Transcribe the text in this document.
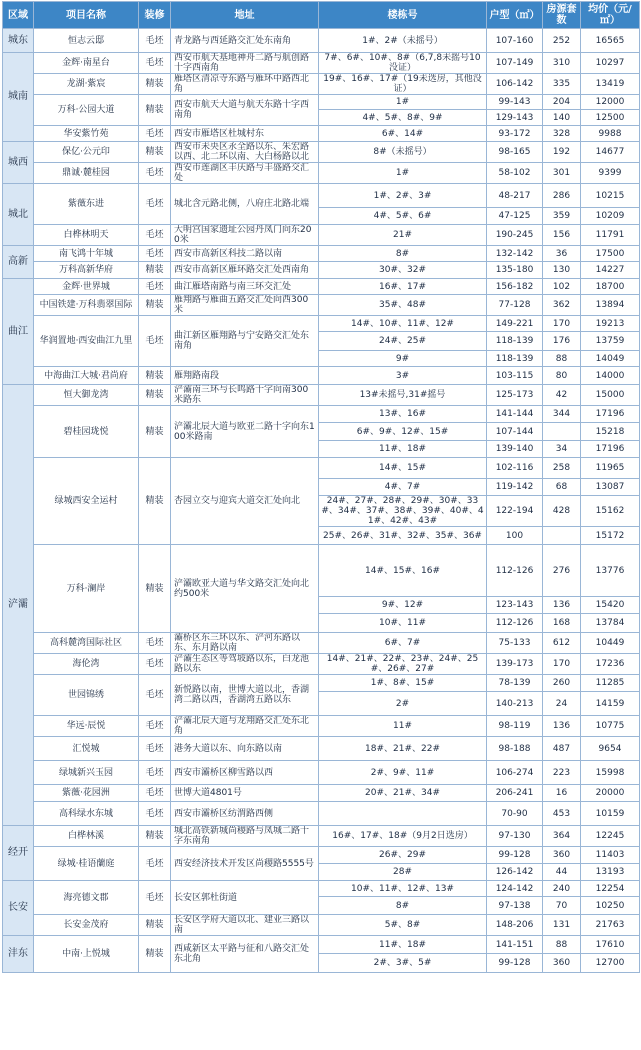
区域	项目名称	装修	地址	楼栋号	户型（㎡）	房源套数	均价（元/㎡）
城东	恒志云邸	毛坯	青龙路与西延路交汇处东南角	1#、2#（未摇号）	107-160	252	16565
城南	金辉·南星台	毛坯	西安市航天基地神舟二路与航创路十字西南角	7#、6#、10#、8#（6,7,8未摇号10没证）	107-149	310	10297
	龙湖·紫宸	精装	雁塔区清凉寺东路与雁环中路西北角	19#、16#、17#（19未选房，其他没证）	106-142	335	13419
	万科·公园大道	精装	西安市航天大道与航天东路十字西南角	1#	99-143	204	12000
				4#、5#、8#、9#	129-143	140	12500
	华安紫竹苑	毛坯	西安市雁塔区杜城村东	6#、14#	93-172	328	9988
城西	保亿·公元印	精装	西安市未央区永全路以东、朱宏路以西、北二环以南、大白杨路以北	8#（未摇号）	98-165	192	14677
	鼎诚·麓桂园	毛坯	西安市莲湖区丰庆路与丰盛路交汇处	1#	58-102	301	9399
城北	紫薇东进	毛坯	城北含元路北侧，八府庄北路北端	1#、2#、3#	48-217	286	10215
				4#、5#、6#	47-125	359	10209
	白桦林明天	毛坯	大明宫国家遗址公园丹凤门向东200米	21#	190-245	156	11791
高新	南飞鸿十年城	毛坯	西安市高新区科技二路以南	8#	132-142	36	17500
	万科高新华府	精装	西安市高新区雁环路交汇处西南角	30#、32#	135-180	130	14227
曲江	金辉·世界城	毛坯	曲江雁塔南路与南三环交汇处	16#、17#	156-182	102	18700
	中国铁建·万科翡翠国际	精装	雁翔路与雁曲五路交汇处向西300米	35#、48#	77-128	362	13894
	华润置地·西安曲江九里	毛坯	曲江新区雁翔路与宁安路交汇处东南角	14#、10#、11#、12#	149-221	170	19213
				24#、25#	118-139	176	13759
				9#	118-139	88	14049
	中海曲江大城·君尚府	精装	雁翔路南段	3#	103-115	80	14000
浐灞	恒大御龙湾	精装	浐灞南三环与长鸣路十字向南300米路东	13#未摇号,31#摇号	125-173	42	15000
	碧桂园珑悦	精装	浐灞北辰大道与欧亚二路十字向东100米路南	13#、16#	141-144	344	17196
				6#、9#、12#、15#	107-144		15218
				11#、18#	139-140	34	17196
	绿城西安全运村	精装	杏园立交与迎宾大道交汇处向北	14#、15#	102-116	258	11965
				4#、7#	119-142	68	13087
				24#、27#、28#、29#、30#、33#、34#、37#、38#、39#、40#、41#、42#、43#	122-194	428	15162
				25#、26#、31#、32#、35#、36#	100		15172
	万科·澜岸	精装	浐灞欧亚大道与华文路交汇处向北约500米	14#、15#、16#	112-126	276	13776
				9#、12#	123-143	136	15420
				10#、11#	112-126	168	13784
	高科麓湾国际社区	毛坯	灞桥区东三环以东、浐河东路以东、东月路以南	6#、7#	75-133	612	10449
	海伦湾	毛坯	浐灞生态区等驾坡路以东，白龙池路以东	14#、21#、22#、23#、24#、25#、26#、27#	139-173	170	17236
	世园锦绣	毛坯	新悦路以南，世博大道以北，香湖湾二路以西，香湖湾五路以东	1#、8#、15#	78-139	260	11285
				2#	140-213	24	14159
	华远·辰悦	毛坯	浐灞北辰大道与龙翔路交汇处东北角	11#	98-119	136	10775
	汇悦城	毛坯	港务大道以东、向东路以南	18#、21#、22#	98-188	487	9654
	绿城新兴玉园	毛坯	西安市灞桥区柳雪路以西	2#、9#、11#	106-274	223	15998
	紫薇·花园洲	毛坯	世博大道4801号	20#、21#、34#	206-241	16	20000
	高科绿水东城	毛坯	西安市灞桥区纺渭路西侧		70-90	453	10159
经开	白桦林溪	精装	城北高铁新城尚稷路与凤城二路十字东南角	16#、17#、18#（9月2日选房）	97-130	364	12245
	绿城·桂语蘭庭	毛坯	西安经济技术开发区尚稷路5555号	26#、29#	99-128	360	11403
				28#	126-142	44	13193
长安	海亮德文郡	毛坯	长安区郭杜街道	10#、11#、12#、13#	124-142	240	12254
				8#	97-138	70	10250
	长安金茂府	精装	长安区学府大道以北、建业三路以南	5#、8#	148-206	131	21763
沣东	中南·上悦城	精装	西咸新区太平路与征和八路交汇处东北角	11#、18#	141-151	88	17610
				2#、3#、5#	99-128	360	12700
